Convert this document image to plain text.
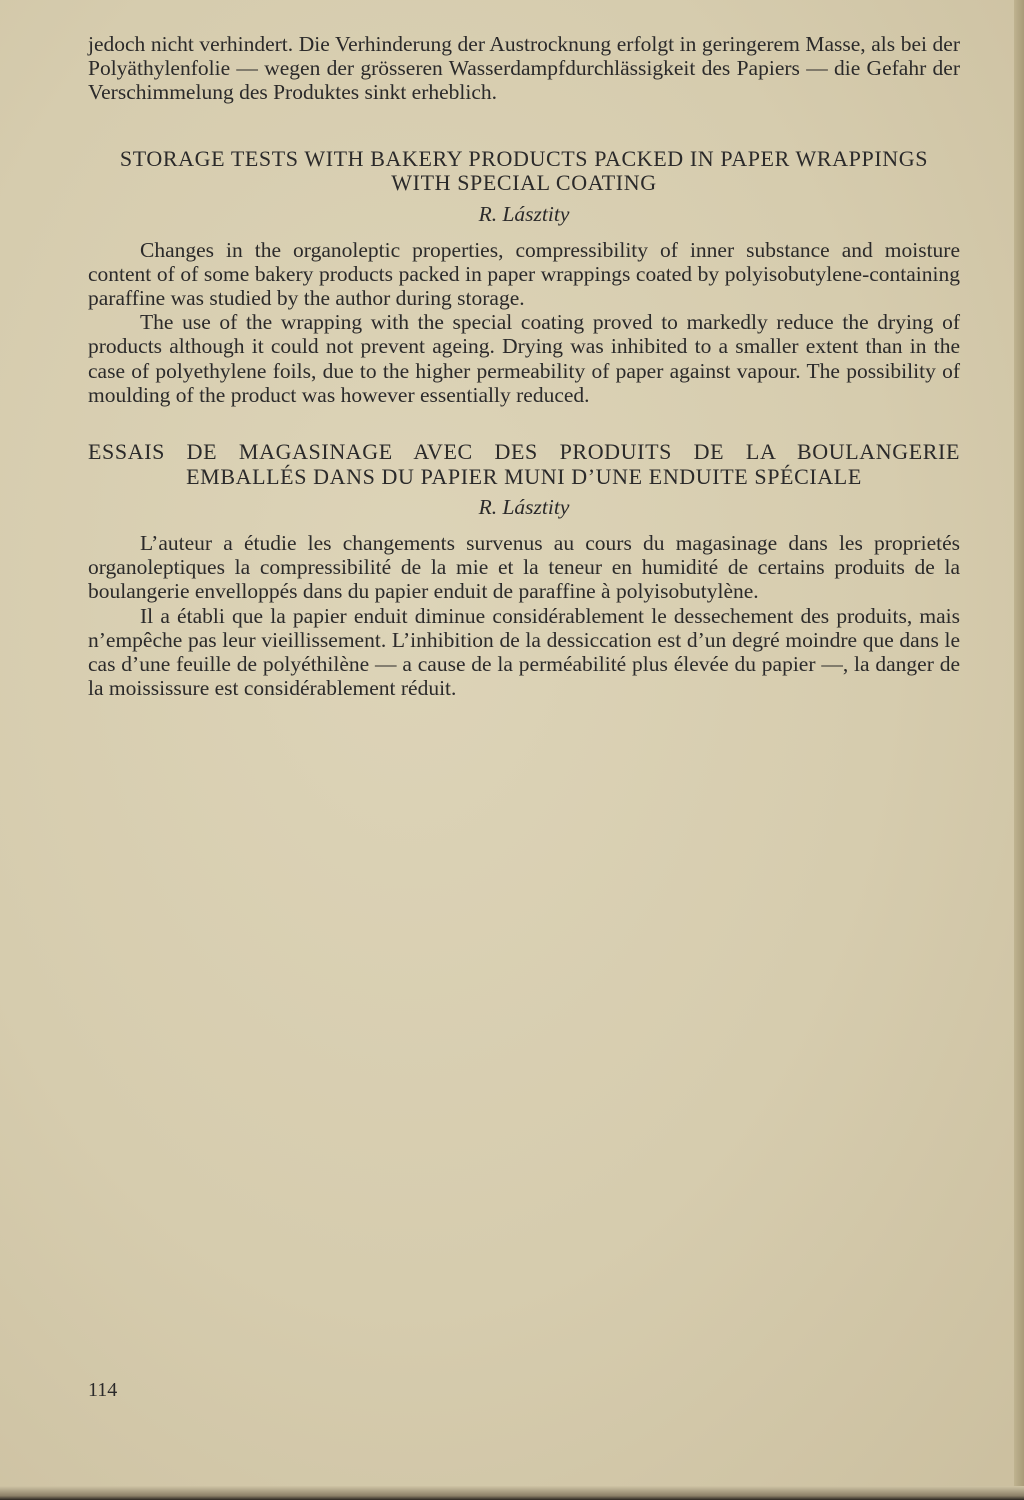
jedoch nicht verhindert. Die Verhinderung der Austrocknung erfolgt in geringerem Masse, als bei der Polyäthylenfolie — wegen der grösseren Wasserdampfdurchlässigkeit des Papiers — die Gefahr der Verschimmelung des Produktes sinkt erheblich.

STORAGE TESTS WITH BAKERY PRODUCTS PACKED IN PAPER WRAPPINGS WITH SPECIAL COATING
R. Lásztity

Changes in the organoleptic properties, compressibility of inner substance and moisture content of of some bakery products packed in paper wrappings coated by polyisobutylene-containing paraffine was studied by the author during storage.

The use of the wrapping with the special coating proved to markedly reduce the drying of products although it could not prevent ageing. Drying was inhibited to a smaller extent than in the case of polyethylene foils, due to the higher permeability of paper against vapour. The possibility of moulding of the product was however essentially reduced.

ESSAIS DE MAGASINAGE AVEC DES PRODUITS DE LA BOULANGERIE EMBALLÉS DANS DU PAPIER MUNI D’UNE ENDUITE SPÉCIALE
R. Lásztity

L’auteur a étudie les changements survenus au cours du magasinage dans les proprietés organoleptiques la compressibilité de la mie et la teneur en humidité de certains produits de la boulangerie envelloppés dans du papier enduit de paraffine à polyisobutylène.

Il a établi que la papier enduit diminue considérablement le dessechement des produits, mais n’empêche pas leur vieillissement. L’inhibition de la dessiccation est d’un degré moindre que dans le cas d’une feuille de polyéthilène — a cause de la perméabilité plus élevée du papier —, la danger de la moississure est considérablement réduit.

114
